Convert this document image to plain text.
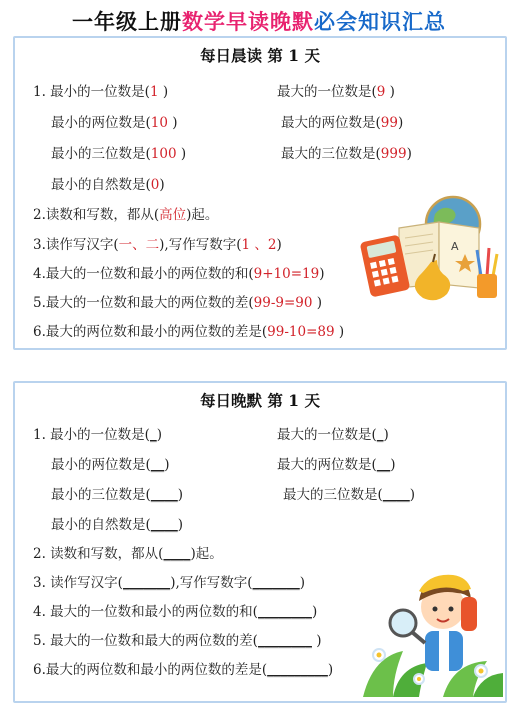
一年级上册数学早读晚默必会知识汇总
每日晨读 第 1 天
1. 最小的一位数是(1 )	最大的一位数是(9 )
最小的两位数是(10 )	最大的两位数是(99)
最小的三位数是(100 )	最大的三位数是(999)
最小的自然数是(0)
2.读数和写数，都从(高位)起。
3.读作写汉字(一、二),写作写数字(1 、2)
4.最大的一位数和最小的两位数的和(9+10=19)
5.最大的一位数和最大的两位数的差(99-9=90 )
6.最大的两位数和最小的两位数的差是(99-10=89 )
A
每日晚默 第 1 天
1. 最小的一位数是(_)	最大的一位数是(_)
最小的两位数是(__)	最大的两位数是(__)
最小的三位数是(____)	最大的三位数是(____)
最小的自然数是(____)
2. 读数和写数，都从(____)起。
3. 读作写汉字(_______),写作写数字(_______)
4. 最大的一位数和最小的两位数的和(________)
5. 最大的一位数和最大的两位数的差(________ )
6.最大的两位数和最小的两位数的差是(_________)
